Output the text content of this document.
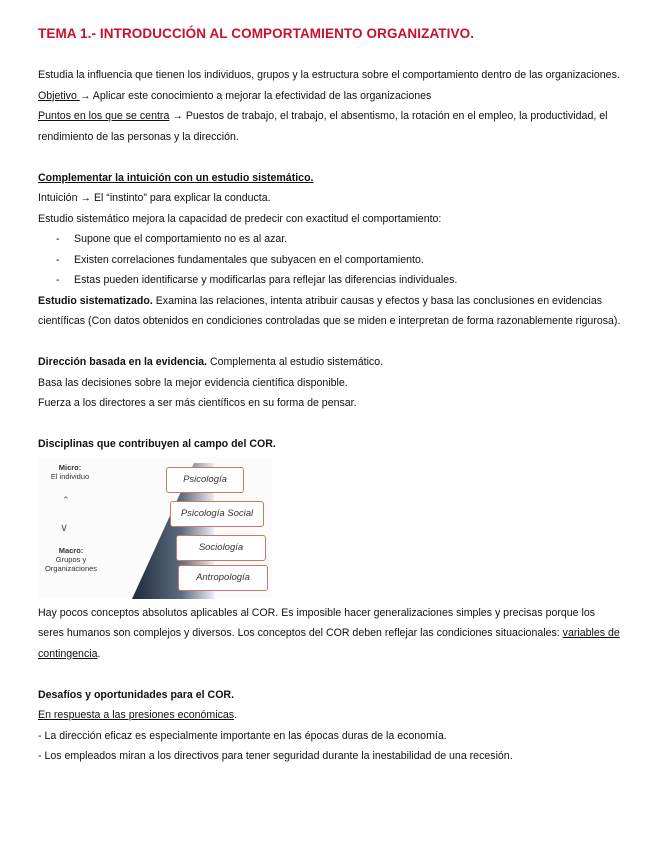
TEMA 1.- INTRODUCCIÓN AL COMPORTAMIENTO ORGANIZATIVO.

Estudia la influencia que tienen los individuos, grupos y la estructura sobre el comportamiento dentro de las organizaciones.

Objetivo → Aplicar este conocimiento a mejorar la efectividad de las organizaciones

Puntos en los que se centra → Puestos de trabajo, el trabajo, el absentismo, la rotación en el empleo, la productividad, el rendimiento de las personas y la dirección.

Complementar la intuición con un estudio sistemático.

Intuición → El “instinto” para explicar la conducta.

Estudio sistemático mejora la capacidad de predecir con exactitud el comportamiento:

- Supone que el comportamiento no es al azar.
- Existen correlaciones fundamentales que subyacen en el comportamiento.
- Estas pueden identificarse y modificarlas para reflejar las diferencias individuales.

Estudio sistematizado. Examina las relaciones, intenta atribuir causas y efectos y basa las conclusiones en evidencias científicas (Con datos obtenidos en condiciones controladas que se miden e interpretan de forma razonablemente rigurosa).

Dirección basada en la evidencia. Complementa al estudio sistemático.

Basa las decisiones sobre la mejor evidencia científica disponible.

Fuerza a los directores a ser más científicos en su forma de pensar.

Disciplinas que contribuyen al campo del COR.

Micro:
El individuo
⌃
∨
Macro:
Grupos y
Organizaciones
Psicología
Psicología Social
Sociología
Antropología

Hay pocos conceptos absolutos aplicables al COR. Es imposible hacer generalizaciones simples y precisas porque los seres humanos son complejos y diversos. Los conceptos del COR deben reflejar las condiciones situacionales: variables de contingencia.

Desafíos y oportunidades para el COR.

En respuesta a las presiones económicas.

- La dirección eficaz es especialmente importante en las épocas duras de la economía.

- Los empleados miran a los directivos para tener seguridad durante la inestabilidad de una recesión.
